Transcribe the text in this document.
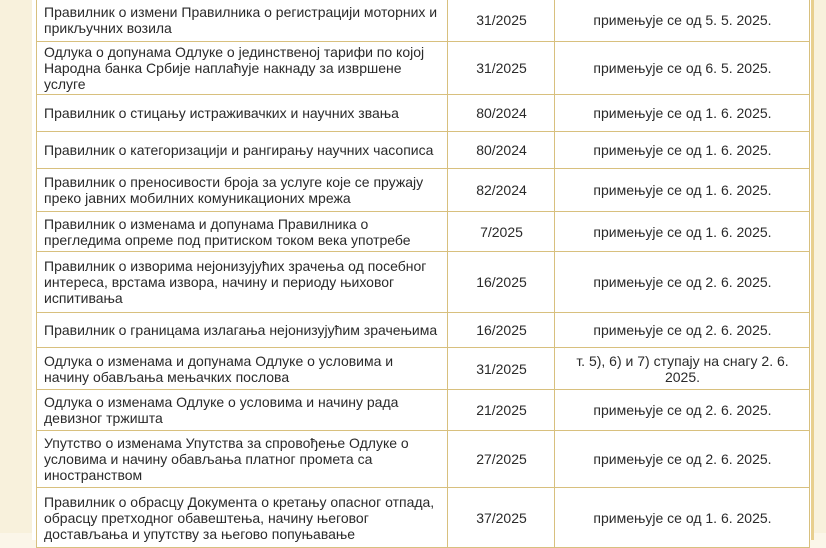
Правилник о измени Правилника о регистрацији моторних и прикључних возила	31/2025	примењује се од 5. 5. 2025.
Одлука о допунама Одлуке о јединственој тарифи по којој Народна банка Србије наплаћује накнаду за извршене услуге	31/2025	примењује се од 6. 5. 2025.
Правилник о стицању истраживачких и научних звања	80/2024	примењује се од 1. 6. 2025.
Правилник о категоризацији и рангирању научних часописа	80/2024	примењује се од 1. 6. 2025.
Правилник о преносивости броја за услуге које се пружају преко јавних мобилних комуникационих мрежа	82/2024	примењује се од 1. 6. 2025.
Правилник о изменама и допунама Правилника о прегледима опреме под притиском током века употребе	7/2025	примењује се од 1. 6. 2025.
Правилник о изворима нејонизујућих зрачења од посебног интереса, врстама извора, начину и периоду њиховог испитивања	16/2025	примењује се од 2. 6. 2025.
Правилник о границама излагања нејонизујућим зрачењима	16/2025	примењује се од 2. 6. 2025.
Одлука о изменама и допунама Одлуке о условима и начину обављања мењачких послова	31/2025	т. 5), 6) и 7) ступају на снагу 2. 6. 2025.
Одлука о изменама Одлуке о условима и начину рада девизног тржишта	21/2025	примењује се од 2. 6. 2025.
Упутство о изменама Упутства за спровођење Одлуке о условима и начину обављања платног промета са иностранством	27/2025	примењује се од 2. 6. 2025.
Правилник о обрасцу Документа о кретању опасног отпада, обрасцу претходног обавештења, начину његовог достављања и упутству за његово попуњавање	37/2025	примењује се од 1. 6. 2025.
